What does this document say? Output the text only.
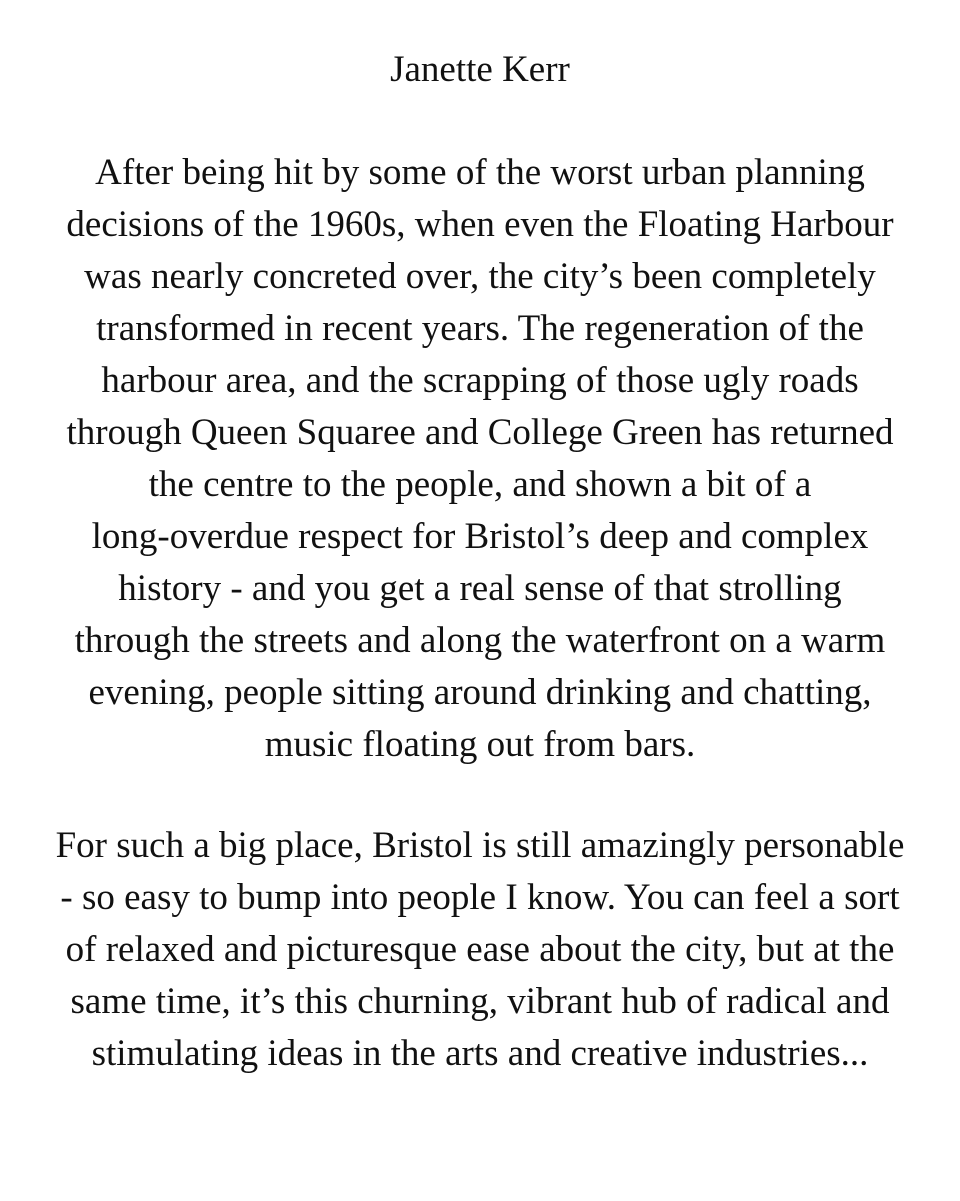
Janette Kerr

After being hit by some of the worst urban planning
decisions of the 1960s, when even the Floating Harbour
was nearly concreted over, the city’s been completely
transformed in recent years. The regeneration of the
harbour area, and the scrapping of those ugly roads
through Queen Squaree and College Green has returned
the centre to the people, and shown a bit of a
long-overdue respect for Bristol’s deep and complex
history - and you get a real sense of that strolling
through the streets and along the waterfront on a warm
evening, people sitting around drinking and chatting,
music floating out from bars.

For such a big place, Bristol is still amazingly personable
- so easy to bump into people I know. You can feel a sort
of relaxed and picturesque ease about the city, but at the
same time, it’s this churning, vibrant hub of radical and
stimulating ideas in the arts and creative industries...
